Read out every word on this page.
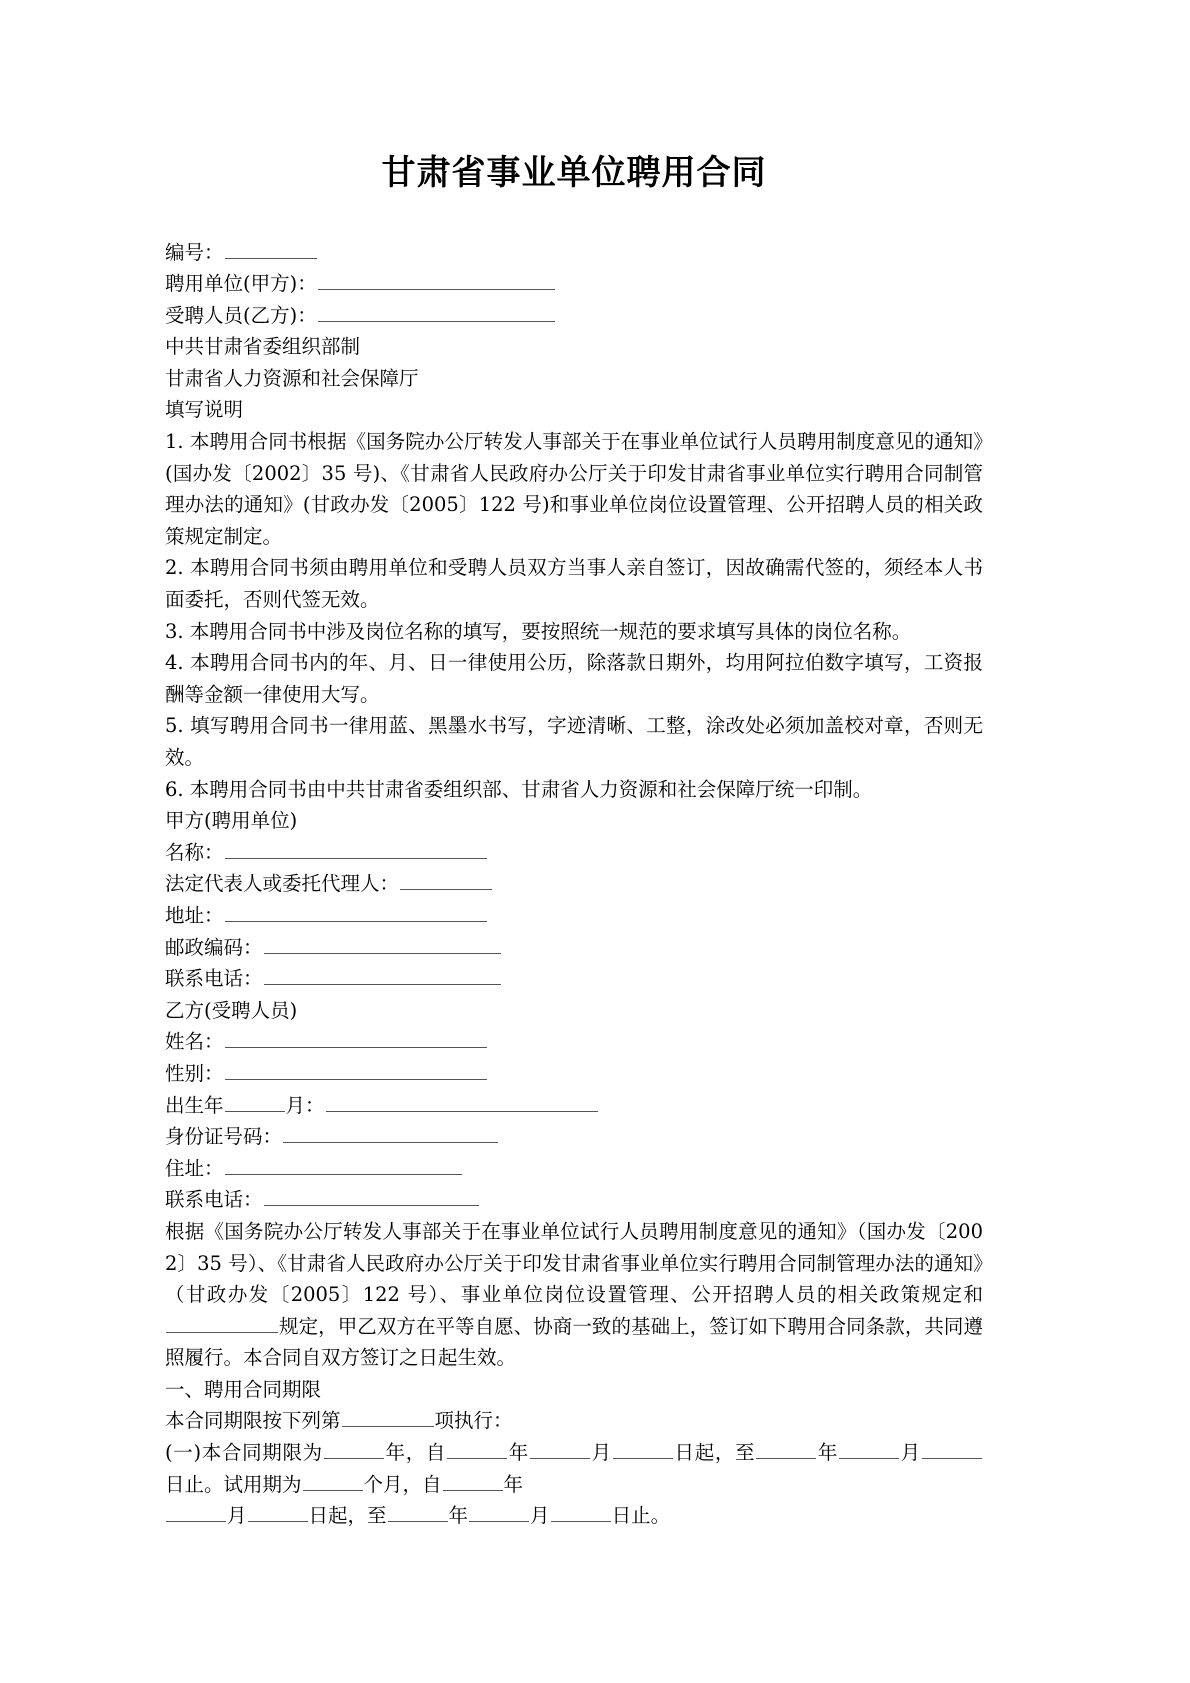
甘肃省事业单位聘用合同

编号：

聘用单位(甲方)：

受聘人员(乙方)：

中共甘肃省委组织部制

甘肃省人力资源和社会保障厅

填写说明

1. 本聘用合同书根据《国务院办公厅转发人事部关于在事业单位试行人员聘用制度意见的通知》(国办发〔2002〕35 号)、《甘肃省人民政府办公厅关于印发甘肃省事业单位实行聘用合同制管理办法的通知》(甘政办发〔2005〕122 号)和事业单位岗位设置管理、公开招聘人员的相关政策规定制定。

2. 本聘用合同书须由聘用单位和受聘人员双方当事人亲自签订，因故确需代签的，须经本人书面委托，否则代签无效。

3. 本聘用合同书中涉及岗位名称的填写，要按照统一规范的要求填写具体的岗位名称。

4. 本聘用合同书内的年、月、日一律使用公历，除落款日期外，均用阿拉伯数字填写，工资报酬等金额一律使用大写。

5. 填写聘用合同书一律用蓝、黑墨水书写，字迹清晰、工整，涂改处必须加盖校对章，否则无效。

6. 本聘用合同书由中共甘肃省委组织部、甘肃省人力资源和社会保障厅统一印制。

甲方(聘用单位)

名称：

法定代表人或委托代理人：

地址：

邮政编码：

联系电话：

乙方(受聘人员)

姓名：

性别：

出生年	月：

身份证号码：

住址：

联系电话：

根据《国务院办公厅转发人事部关于在事业单位试行人员聘用制度意见的通知》（国办发〔2002〕35 号）、《甘肃省人民政府办公厅关于印发甘肃省事业单位实行聘用合同制管理办法的通知》（甘政办发〔2005〕122 号）、事业单位岗位设置管理、公开招聘人员的相关政策规定和规定，甲乙双方在平等自愿、协商一致的基础上，签订如下聘用合同条款，共同遵照履行。本合同自双方签订之日起生效。

一、聘用合同期限

本合同期限按下列第	项执行：

(一)本合同期限为	年，自	年	月	日起，至	年	月日止。试用期为	个月，自	年
月	日起，至	年	月	日止。
